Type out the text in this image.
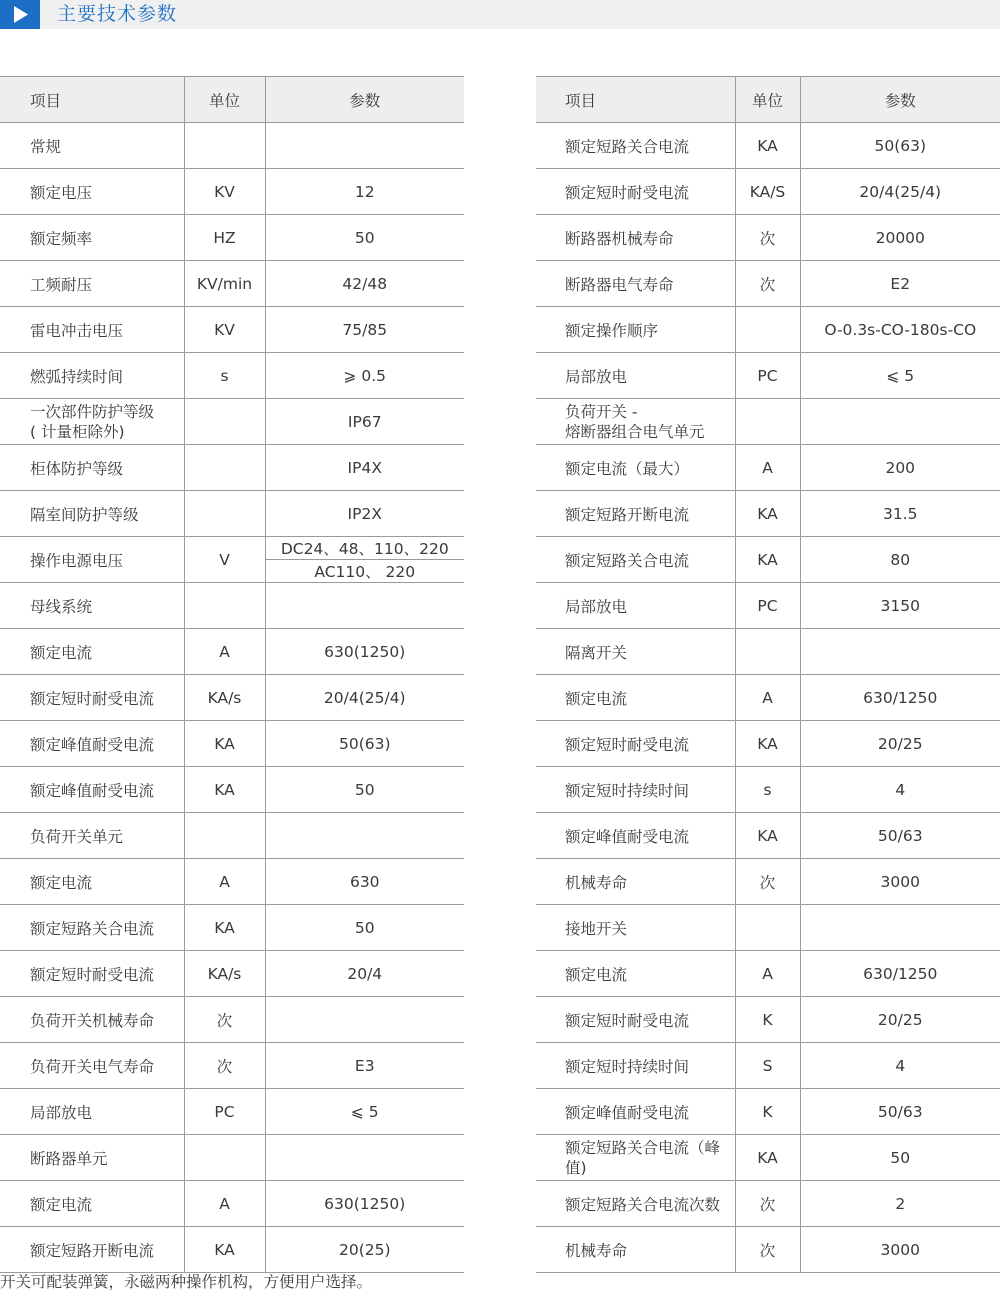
主要技术参数
项目	单位	参数
常规		
额定电压	KV	12
额定频率	HZ	50
工频耐压	KV/min	42/48
雷电冲击电压	KV	75/85
燃弧持续时间	s	⩾ 0.5

一次部件防护等级
( 计量柜除外)		IP67
柜体防护等级		IP4X
隔室间防护等级		IP2X
操作电源电压	V	DC24、48、110、220
AC110、 220

母线系统		
额定电流	A	630(1250)
额定短时耐受电流	KA/s	20/4(25/4)
额定峰值耐受电流	KA	50(63)
额定峰值耐受电流	KA	50
负荷开关单元		
额定电流	A	630
额定短路关合电流	KA	50
额定短时耐受电流	KA/s	20/4
负荷开关机械寿命	次	
负荷开关电气寿命	次	E3
局部放电	PC	⩽ 5
断路器单元		
额定电流	A	630(1250)
额定短路开断电流	KA	20(25)
项目	单位	参数
额定短路关合电流	KA	50(63)
额定短时耐受电流	KA/S	20/4(25/4)
断路器机械寿命	次	20000
断路器电气寿命	次	E2
额定操作顺序		O-0.3s-CO-180s-CO
局部放电	PC	⩽ 5

负荷开关 -
熔断器组合电气单元		

额定电流（最大）	A	200
额定短路开断电流	KA	31.5
额定短路关合电流	KA	80
局部放电	PC	3150
隔离开关		
额定电流	A	630/1250
额定短时耐受电流	KA	20/25
额定短时持续时间	s	4
额定峰值耐受电流	KA	50/63
机械寿命	次	3000
接地开关		
额定电流	A	630/1250
额定短时耐受电流	K	20/25
额定短时持续时间	S	4
额定峰值耐受电流	K	50/63

额定短路关合电流（峰
值)	KA	50
额定短路关合电流次数	次	2
机械寿命	次	3000
开关可配装弹簧，永磁两种操作机构，方便用户选择。
